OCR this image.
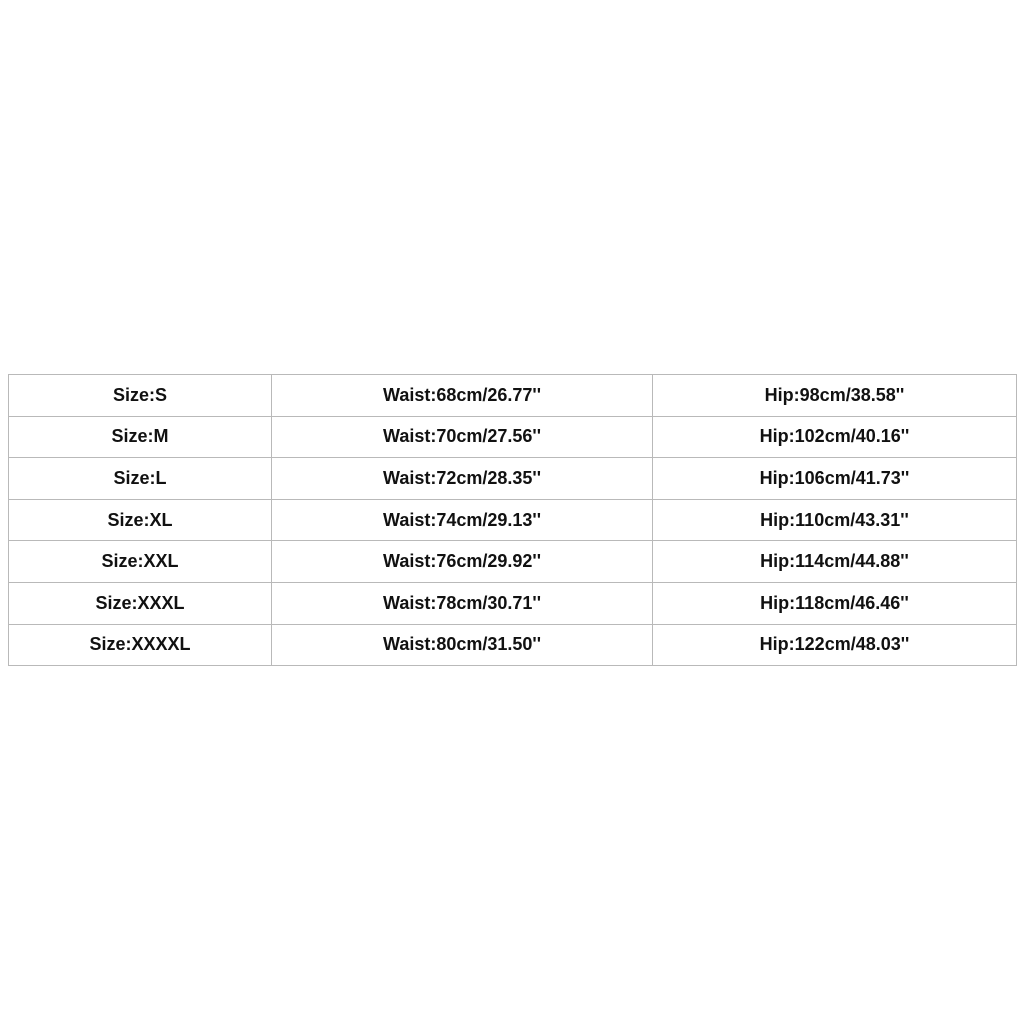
Size:S	Waist:68cm/26.77''	Hip:98cm/38.58''
Size:M	Waist:70cm/27.56''	Hip:102cm/40.16''
Size:L	Waist:72cm/28.35''	Hip:106cm/41.73''
Size:XL	Waist:74cm/29.13''	Hip:110cm/43.31''
Size:XXL	Waist:76cm/29.92''	Hip:114cm/44.88''
Size:XXXL	Waist:78cm/30.71''	Hip:118cm/46.46''
Size:XXXXL	Waist:80cm/31.50''	Hip:122cm/48.03''
